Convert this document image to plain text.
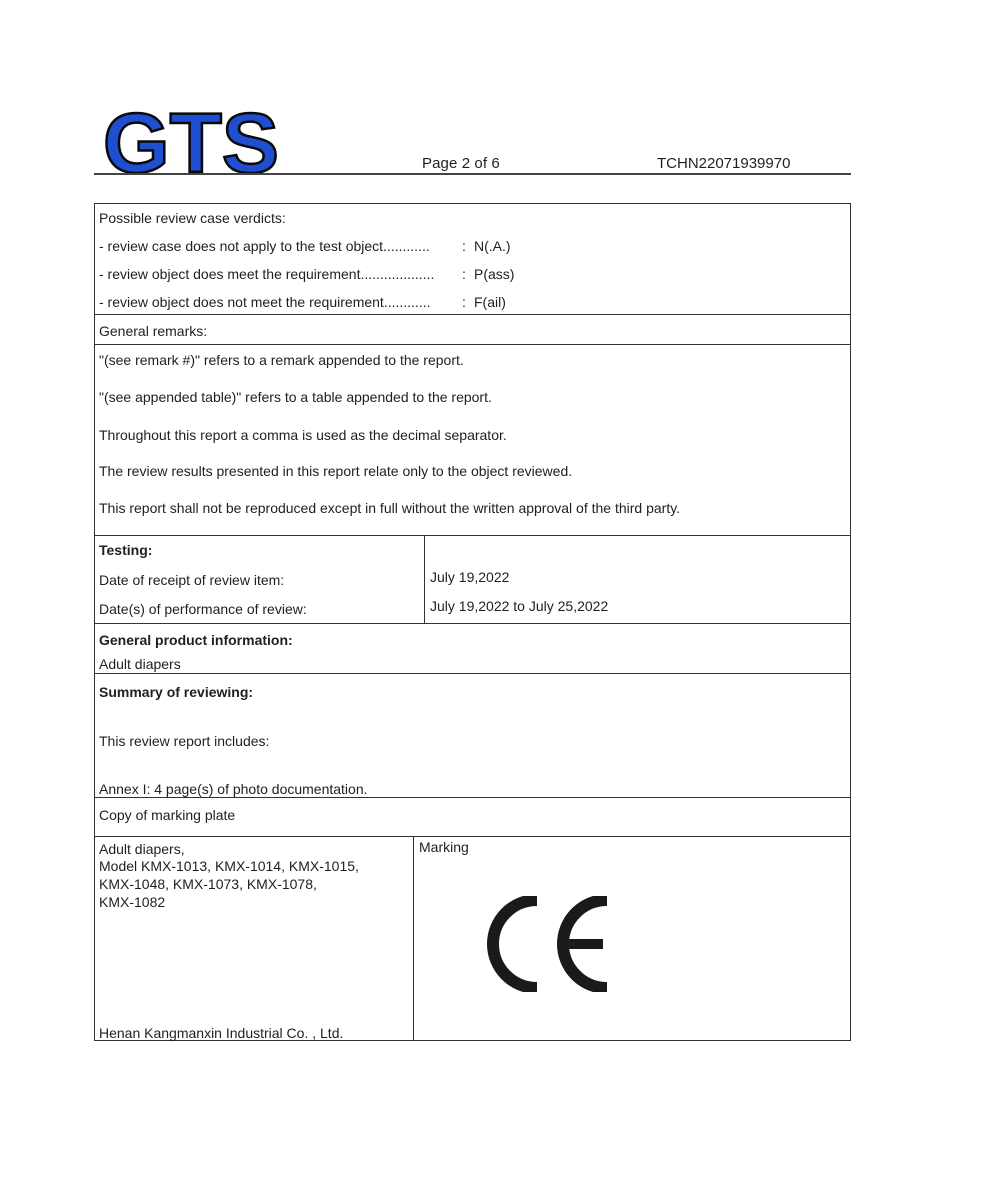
GTS	Page 2 of 6	TCHN22071939970
Possible review case verdicts:
- review case does not apply to the test object............ : N(.A.)
- review object does meet the requirement................... : P(ass)
- review object does not meet the requirement............ : F(ail)
General remarks:
"(see remark #)" refers to a remark appended to the report.
"(see appended table)" refers to a table appended to the report.
Throughout this report a comma is used as the decimal separator.
The review results presented in this report relate only to the object reviewed.
This report shall not be reproduced except in full without the written approval of the third party.
Testing:
Date of receipt of review item:	July 19,2022
Date(s) of performance of review:	July 19,2022 to July 25,2022
General product information:
Adult diapers
Summary of reviewing:
This review report includes:
Annex I: 4 page(s) of photo documentation.
Copy of marking plate
Adult diapers,
Model KMX-1013, KMX-1014, KMX-1015,
KMX-1048, KMX-1073, KMX-1078,
KMX-1082
Henan Kangmanxin Industrial Co. , Ltd.
Marking
